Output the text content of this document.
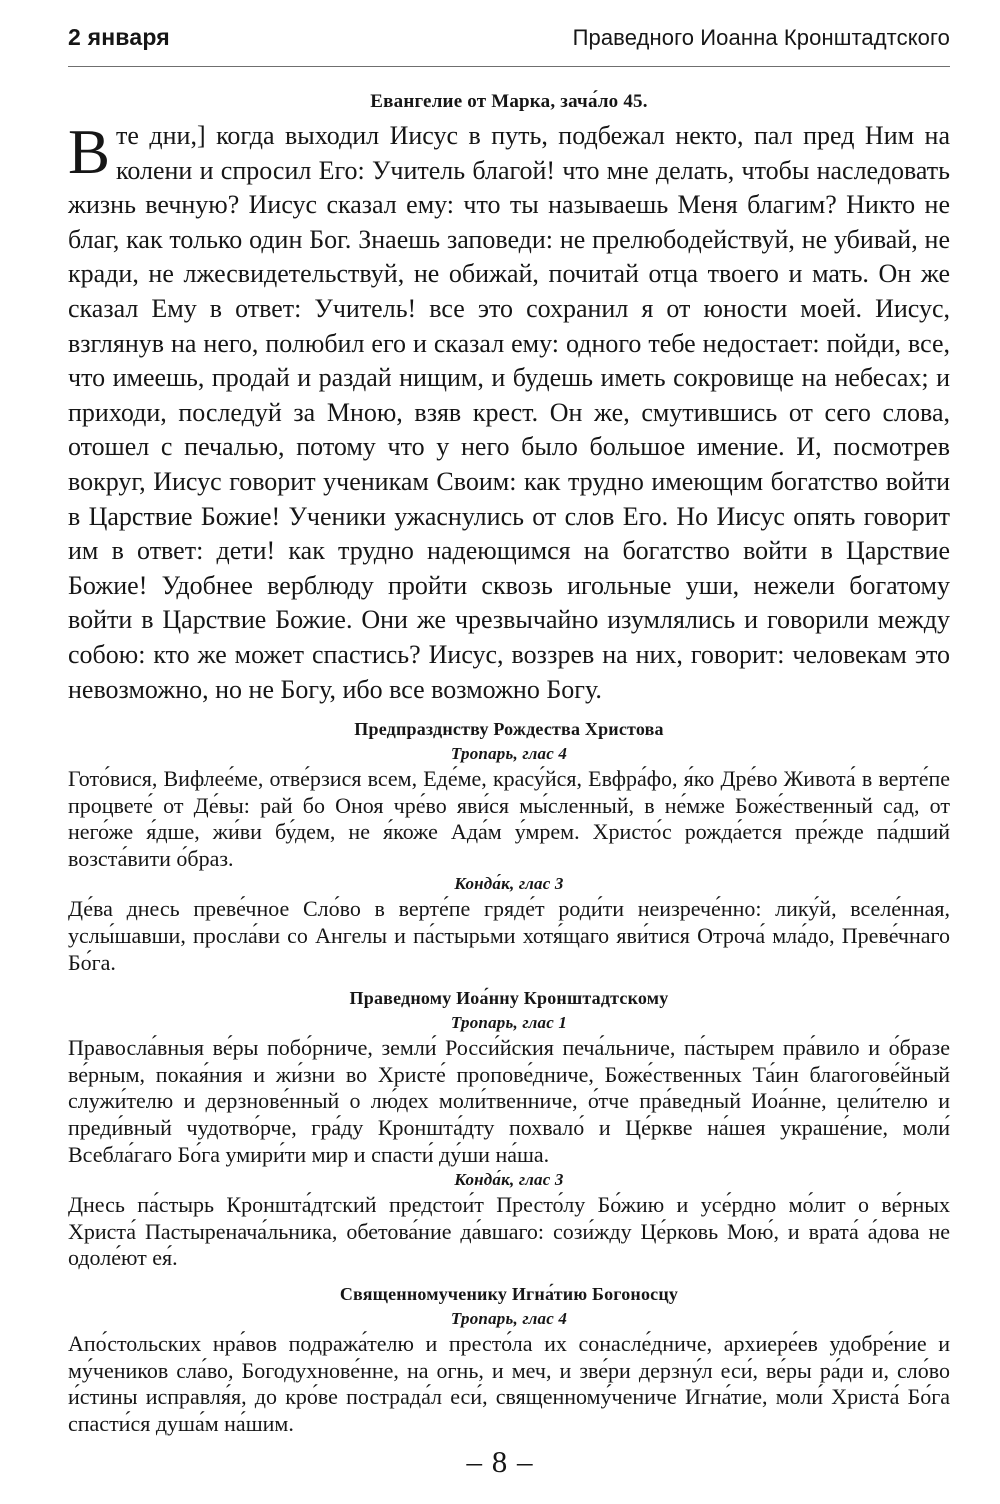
2 января	Праведного Иоанна Кронштадтского
Евангелие от Марка, зача́ло 45.

Вте дни,] когда выходил Иисус в путь, подбежал некто, пал пред Ним на колени и спросил Его: Учитель благой! что мне делать, чтобы наследовать жизнь вечную? Иисус сказал ему: что ты называешь Меня благим? Никто не благ, как только один Бог. Знаешь заповеди: не прелюбодействуй, не убивай, не кради, не лжесвидетельствуй, не обижай, почитай отца твоего и мать. Он же сказал Ему в ответ: Учитель! все это сохранил я от юности моей. Иисус, взглянув на него, полюбил его и сказал ему: одного тебе недостает: пойди, все, что имеешь, продай и раздай нищим, и будешь иметь сокровище на небесах; и приходи, последуй за Мною, взяв крест. Он же, смутившись от сего слова, отошел с печалью, потому что у него было большое имение. И, посмотрев вокруг, Иисус говорит ученикам Своим: как трудно имеющим богатство войти в Царствие Божие! Ученики ужаснулись от слов Его. Но Иисус опять говорит им в ответ: дети! как трудно надеющимся на богатство войти в Царствие Божие! Удобнее верблюду пройти сквозь игольные уши, нежели богатому войти в Царствие Божие. Они же чрезвычайно изумлялись и говорили между собою: кто же может спастись? Иисус, воззрев на них, говорит: человекам это невозможно, но не Богу, ибо все возможно Богу.

Предпразднству Рождества Христова
Тропарь, глас 4

Гото́вися, Вифлее́ме, отве́рзися всем, Еде́ме, красу́йся, Евфра́фо, я́ко Дре́во Живота́ в верте́пе процвете́ от Де́вы: рай бо Оноя чре́во яви́ся мы́сленный, в не́мже Боже́ственный сад, от него́же я́дше, жи́ви бу́дем, не я́коже Ада́м у́мрем. Христо́с рожда́ется пре́жде па́дший возста́вити о́браз.

Конда́к, глас 3

Де́ва днесь преве́чное Сло́во в верте́пе гряде́т роди́ти неизрече́нно: лику́й, вселе́нная, услы́шавши, просла́ви со Ангелы и па́стырьми хотя́щаго яви́тися Отроча́ мла́до, Преве́чнаго Бо́га.

Праведному Иоа́нну Кронштадтскому
Тропарь, глас 1

Правосла́вныя ве́ры побо́рниче, земли́ Росси́йския печа́льниче, па́стырем пра́вило и о́бразе ве́рным, покая́ния и жи́зни во Христе́ пропове́дниче, Боже́ственных Та́ин благогове́йный служи́телю и дерзнове́нный о лю́дех моли́твенниче, о́тче пра́ведный Иоа́нне, цели́телю и преди́вный чудотво́рче, гра́ду Кроншта́дту похвало́ и Це́ркве на́шея украше́ние, моли́ Всебла́гаго Бо́га умири́ти мир и спасти́ ду́ши на́ша.

Конда́к, глас 3

Днесь па́стырь Кроншта́дтский предстои́т Престо́лу Бо́жию и усе́рдно мо́лит о ве́рных Христа́ Пастыренача́льника, обетова́ние да́вшаго: сози́жду Це́рковь Мою́, и врата́ а́дова не одоле́ют ея́.

Священномученику Игна́тию Богоносцу
Тропарь, глас 4

Апо́стольских нра́вов подража́телю и престо́ла их сонасле́дниче, архиере́ев удобре́ние и му́чеников сла́во, Богодухнове́нне, на огнь, и меч, и зве́ри дерзну́л еси́, ве́ры ра́ди и, сло́во и́стины исправля́я, до кро́ве пострада́л еси́, священному́чениче Игна́тие, моли́ Христа́ Бо́га спасти́ся душа́м на́шим.

– 8 –
